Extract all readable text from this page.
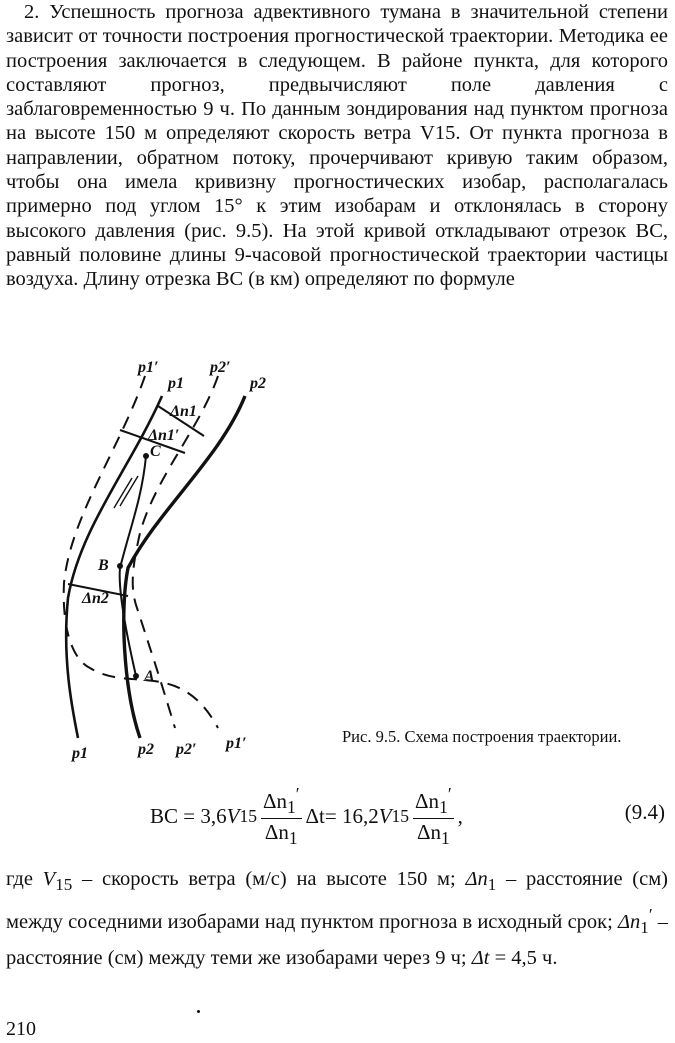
2. Успешность прогноза адвективного тумана в значительной степени зависит от точности построения прогностической траектории. Методика ее построения заключается в следующем. В районе пункта, для которого составляют прогноз, предвычисляют поле давления с заблаговременностью 9 ч. По данным зондирования над пунктом прогноза на высоте 150 м определяют скорость ветра V15. От пункта прогноза в направлении, обратном потоку, прочерчивают кривую таким образом, чтобы она имела кривизну прогностических изобар, располагалась примерно под углом 15° к этим изобарам и отклонялась в сторону высокого давления (рис. 9.5). На этой кривой откладывают отрезок BC, равный половине длины 9-часовой прогностической траектории частицы воздуха. Длину отрезка BC (в км) определяют по формуле

p1′
p1
p2′
p2
Δn1
Δn1′
C
B
Δn2
A
p1	p2 p2′ p1′	Рис. 9.5. Схема построения траектории.
BC = 3,6 V $15 \frac{\Delta n_1'}{\Delta n_1}$ Δt = 16,2 V $15 \frac{\Delta n_1'}{\Delta n_1}$ ,	(9.4)

где $V_{15}$ – скорость ветра (м/с) на высоте 150 м; $\Delta n_1$ – расстояние (см) между соседними изобарами над пунктом прогноза в исходный срок; $\Delta n_1'$ – расстояние (см) между теми же изобарами через 9 ч; Δt = 4,5 ч.

210
